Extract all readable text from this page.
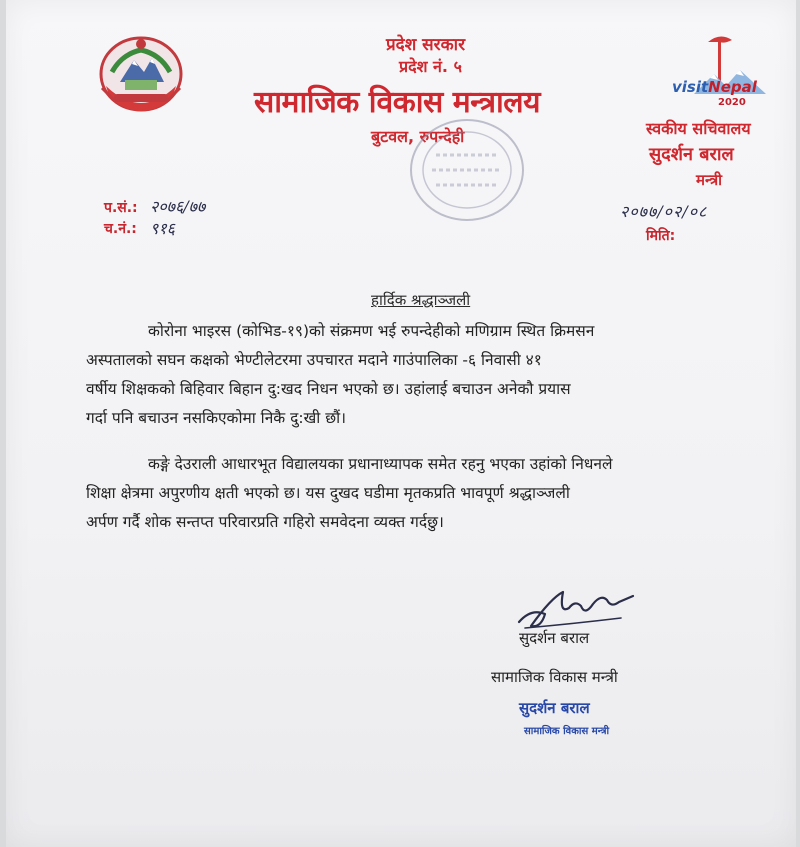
प्रदेश सरकार
प्रदेश नं. ५
सामाजिक विकास मन्त्रालय
बुटवल, रुपन्देही
visitNepal
2020
स्वकीय सचिवालय
सुदर्शन बराल
मन्त्री
प.सं.: २०७६/७७
च.नं.: ९१६
२०७७/०२/०८
मिति:
हार्दिक श्रद्धाञ्जली
कोरोना भाइरस (कोभिड-१९)को संक्रमण भई रुपन्देहीको मणिग्राम स्थित क्रिमसन
अस्पतालको सघन कक्षको भेण्टीलेटरमा उपचारत मदाने गाउंपालिका -६ निवासी ४१
वर्षीय शिक्षकको बिहिवार बिहान दु:खद निधन भएको छ। उहांलाई बचाउन अनेकौ प्रयास
गर्दा पनि बचाउन नसकिएकोमा निकै दु:खी छौं।
कङ्गे देउराली आधारभूत विद्यालयका प्रधानाध्यापक समेत रहनु भएका उहांको निधनले
शिक्षा क्षेत्रमा अपुरणीय क्षती भएको छ। यस दुखद घडीमा मृतकप्रति भावपूर्ण श्रद्धाञ्जली
अर्पण गर्दै शोक सन्तप्त परिवारप्रति गहिरो समवेदना व्यक्त गर्दछु।
सुदर्शन बराल
सामाजिक विकास मन्त्री
सुदर्शन बराल
सामाजिक विकास मन्त्री
